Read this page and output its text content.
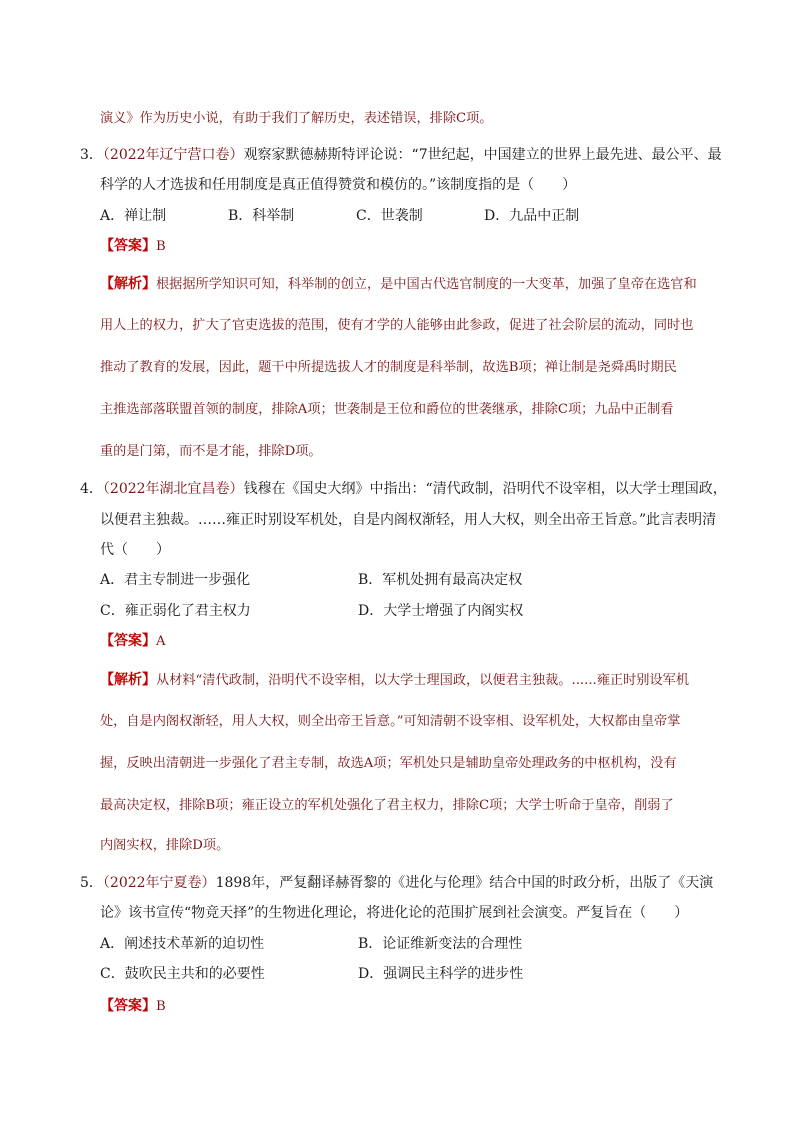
演义》作为历史小说，有助于我们了解历史，表述错误，排除C项。
3．（2022年辽宁营口卷）观察家默德赫斯特评论说：“7世纪起，中国建立的世界上最先进、最公平、最
科学的人才选拔和任用制度是真正值得赞赏和模仿的。”该制度指的是（　　）
A．禅让制	B．科举制	C．世袭制	D．九品中正制
【答案】B
【解析】根据据所学知识可知，科举制的创立，是中国古代选官制度的一大变革，加强了皇帝在选官和
用人上的权力，扩大了官吏选拔的范围，使有才学的人能够由此参政，促进了社会阶层的流动，同时也
推动了教育的发展，因此，题干中所提选拔人才的制度是科举制，故选B项；禅让制是尧舜禹时期民
主推选部落联盟首领的制度，排除A项；世袭制是王位和爵位的世袭继承，排除C项；九品中正制看
重的是门第，而不是才能，排除D项。
4．（2022年湖北宜昌卷）钱穆在《国史大纲》中指出：“清代政制，沿明代不设宰相，以大学士理国政，
以便君主独裁。……雍正时别设军机处，自是内阁权渐轻，用人大权，则全出帝王旨意。”此言表明清
代（　　）
A．君主专制进一步强化	B．军机处拥有最高决定权
C．雍正弱化了君主权力	D．大学士增强了内阁实权
【答案】A
【解析】从材料“清代政制，沿明代不设宰相，以大学士理国政，以便君主独裁。......雍正时别设军机
处，自是内阁权渐轻，用人大权，则全出帝王旨意。”可知清朝不设宰相、设军机处，大权都由皇帝掌
握，反映出清朝进一步强化了君主专制，故选A项；军机处只是辅助皇帝处理政务的中枢机构，没有
最高决定权，排除B项；雍正设立的军机处强化了君主权力，排除C项；大学士听命于皇帝，削弱了
内阁实权，排除D项。
5．（2022年宁夏卷）1898年，严复翻译赫胥黎的《进化与伦理》结合中国的时政分析，出版了《天演
论》该书宣传“物竞天择”的生物进化理论，将进化论的范围扩展到社会演变。严复旨在（　　）
A．阐述技术革新的迫切性	B．论证维新变法的合理性
C．鼓吹民主共和的必要性	D．强调民主科学的进步性
【答案】B
